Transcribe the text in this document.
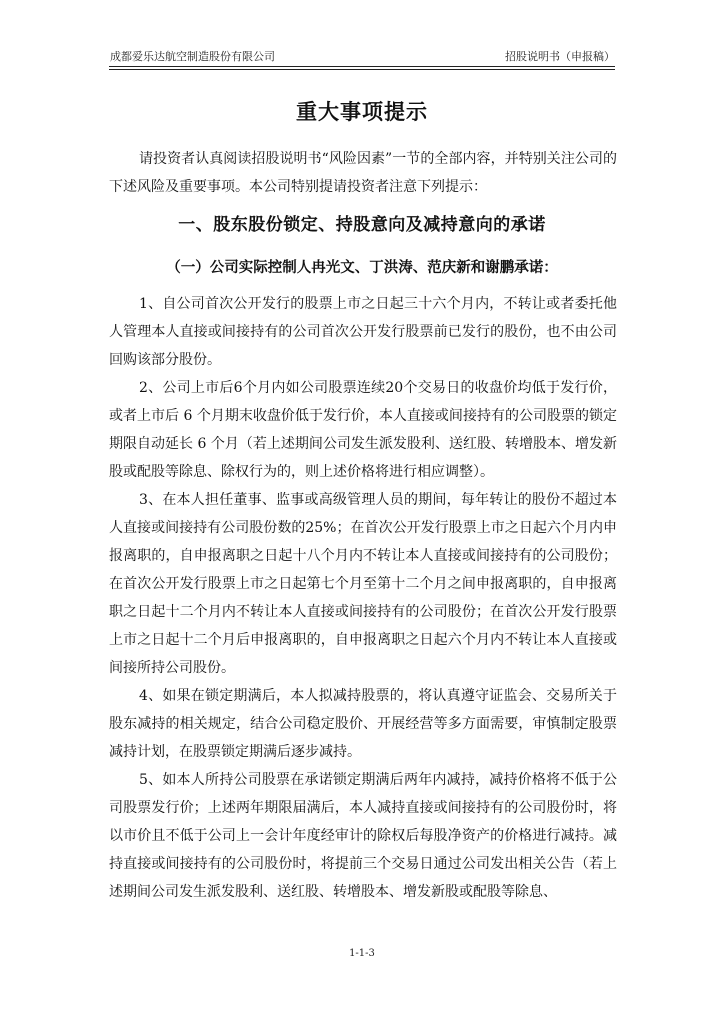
成都爱乐达航空制造股份有限公司	招股说明书（申报稿）
重大事项提示

请投资者认真阅读招股说明书“风险因素”一节的全部内容，并特别关注公司的下述风险及重要事项。本公司特别提请投资者注意下列提示：

一、股东股份锁定、持股意向及减持意向的承诺
（一）公司实际控制人冉光文、丁洪涛、范庆新和谢鹏承诺：

1、自公司首次公开发行的股票上市之日起三十六个月内，不转让或者委托他人管理本人直接或间接持有的公司首次公开发行股票前已发行的股份，也不由公司回购该部分股份。

2、公司上市后6个月内如公司股票连续20个交易日的收盘价均低于发行价，或者上市后 6 个月期末收盘价低于发行价，本人直接或间接持有的公司股票的锁定期限自动延长 6 个月（若上述期间公司发生派发股利、送红股、转增股本、增发新股或配股等除息、除权行为的，则上述价格将进行相应调整）。

3、在本人担任董事、监事或高级管理人员的期间，每年转让的股份不超过本人直接或间接持有公司股份数的25%；在首次公开发行股票上市之日起六个月内申报离职的，自申报离职之日起十八个月内不转让本人直接或间接持有的公司股份；在首次公开发行股票上市之日起第七个月至第十二个月之间申报离职的，自申报离职之日起十二个月内不转让本人直接或间接持有的公司股份；在首次公开发行股票上市之日起十二个月后申报离职的，自申报离职之日起六个月内不转让本人直接或间接所持公司股份。

4、如果在锁定期满后，本人拟减持股票的，将认真遵守证监会、交易所关于股东减持的相关规定，结合公司稳定股价、开展经营等多方面需要，审慎制定股票减持计划，在股票锁定期满后逐步减持。

5、如本人所持公司股票在承诺锁定期满后两年内减持，减持价格将不低于公司股票发行价；上述两年期限届满后，本人减持直接或间接持有的公司股份时，将以市价且不低于公司上一会计年度经审计的除权后每股净资产的价格进行减持。减持直接或间接持有的公司股份时，将提前三个交易日通过公司发出相关公告（若上述期间公司发生派发股利、送红股、转增股本、增发新股或配股等除息、

1-1-3
